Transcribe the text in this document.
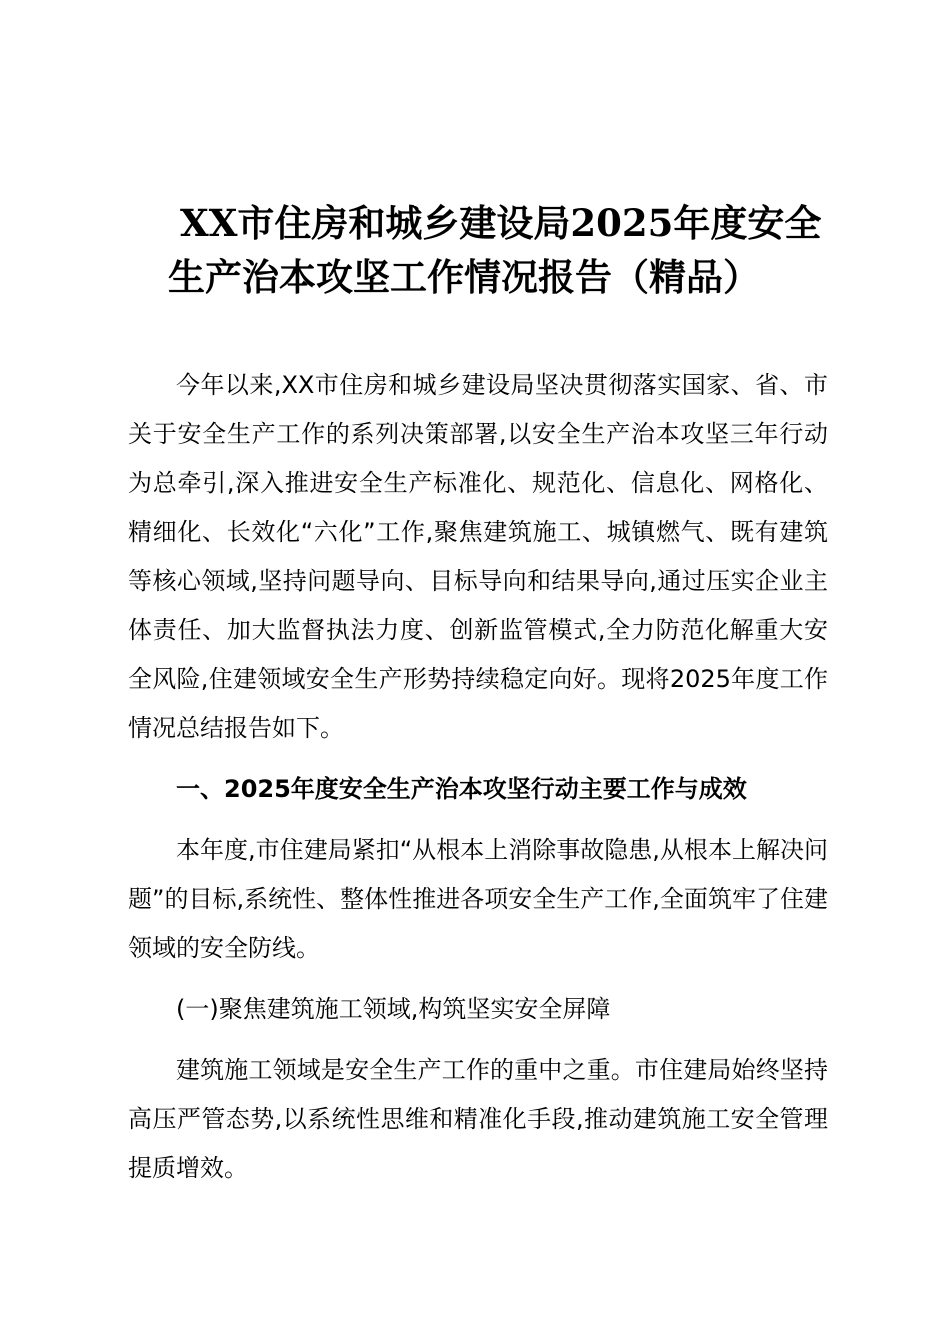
XX市住房和城乡建设局2025年度安全
生产治本攻坚工作情况报告（精品）

今年以来,XX市住房和城乡建设局坚决贯彻落实国家、省、市关于安全生产工作的系列决策部署,以安全生产治本攻坚三年行动为总牵引,深入推进安全生产标准化、规范化、信息化、网格化、精细化、长效化“六化”工作,聚焦建筑施工、城镇燃气、既有建筑等核心领域,坚持问题导向、目标导向和结果导向,通过压实企业主体责任、加大监督执法力度、创新监管模式,全力防范化解重大安全风险,住建领域安全生产形势持续稳定向好。现将2025年度工作情况总结报告如下。

一、2025年度安全生产治本攻坚行动主要工作与成效

本年度,市住建局紧扣“从根本上消除事故隐患,从根本上解决问题”的目标,系统性、整体性推进各项安全生产工作,全面筑牢了住建领域的安全防线。

(一)聚焦建筑施工领域,构筑坚实安全屏障

建筑施工领域是安全生产工作的重中之重。市住建局始终坚持高压严管态势,以系统性思维和精准化手段,推动建筑施工安全管理提质增效。
